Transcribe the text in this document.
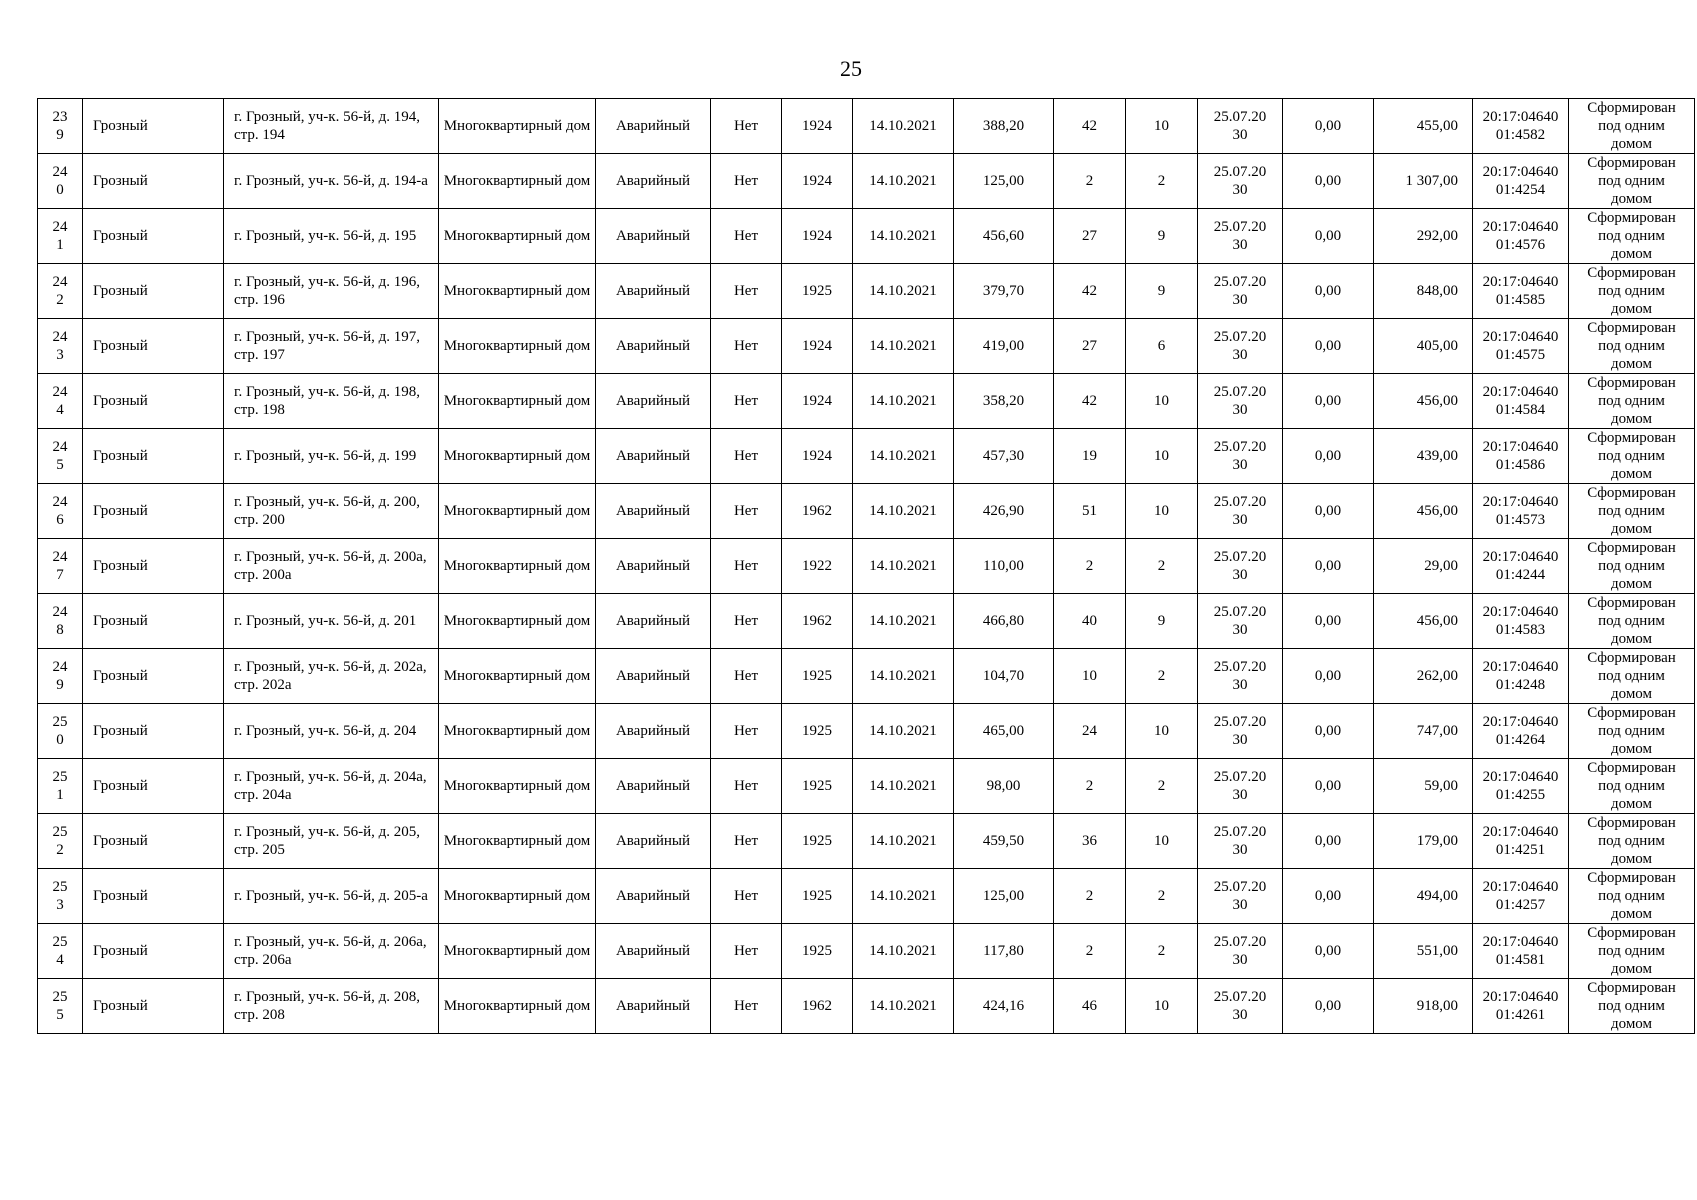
25
239	Грозный	г. Грозный, уч-к. 56-й, д. 194, стр. 194	Многоквартирный дом	Аварийный	Нет	1924	14.10.2021	388,20	42	10	25.07.2030	0,00	455,00	20:17:0464001:4582	Сформирован под одним домом
240	Грозный	г. Грозный, уч-к. 56-й, д. 194-а	Многоквартирный дом	Аварийный	Нет	1924	14.10.2021	125,00	2	2	25.07.2030	0,00	1 307,00	20:17:0464001:4254	Сформирован под одним домом
241	Грозный	г. Грозный, уч-к. 56-й, д. 195	Многоквартирный дом	Аварийный	Нет	1924	14.10.2021	456,60	27	9	25.07.2030	0,00	292,00	20:17:0464001:4576	Сформирован под одним домом
242	Грозный	г. Грозный, уч-к. 56-й, д. 196, стр. 196	Многоквартирный дом	Аварийный	Нет	1925	14.10.2021	379,70	42	9	25.07.2030	0,00	848,00	20:17:0464001:4585	Сформирован под одним домом
243	Грозный	г. Грозный, уч-к. 56-й, д. 197, стр. 197	Многоквартирный дом	Аварийный	Нет	1924	14.10.2021	419,00	27	6	25.07.2030	0,00	405,00	20:17:0464001:4575	Сформирован под одним домом
244	Грозный	г. Грозный, уч-к. 56-й, д. 198, стр. 198	Многоквартирный дом	Аварийный	Нет	1924	14.10.2021	358,20	42	10	25.07.2030	0,00	456,00	20:17:0464001:4584	Сформирован под одним домом
245	Грозный	г. Грозный, уч-к. 56-й, д. 199	Многоквартирный дом	Аварийный	Нет	1924	14.10.2021	457,30	19	10	25.07.2030	0,00	439,00	20:17:0464001:4586	Сформирован под одним домом
246	Грозный	г. Грозный, уч-к. 56-й, д. 200, стр. 200	Многоквартирный дом	Аварийный	Нет	1962	14.10.2021	426,90	51	10	25.07.2030	0,00	456,00	20:17:0464001:4573	Сформирован под одним домом
247	Грозный	г. Грозный, уч-к. 56-й, д. 200а, стр. 200а	Многоквартирный дом	Аварийный	Нет	1922	14.10.2021	110,00	2	2	25.07.2030	0,00	29,00	20:17:0464001:4244	Сформирован под одним домом
248	Грозный	г. Грозный, уч-к. 56-й, д. 201	Многоквартирный дом	Аварийный	Нет	1962	14.10.2021	466,80	40	9	25.07.2030	0,00	456,00	20:17:0464001:4583	Сформирован под одним домом
249	Грозный	г. Грозный, уч-к. 56-й, д. 202а, стр. 202а	Многоквартирный дом	Аварийный	Нет	1925	14.10.2021	104,70	10	2	25.07.2030	0,00	262,00	20:17:0464001:4248	Сформирован под одним домом
250	Грозный	г. Грозный, уч-к. 56-й, д. 204	Многоквартирный дом	Аварийный	Нет	1925	14.10.2021	465,00	24	10	25.07.2030	0,00	747,00	20:17:0464001:4264	Сформирован под одним домом
251	Грозный	г. Грозный, уч-к. 56-й, д. 204а, стр. 204а	Многоквартирный дом	Аварийный	Нет	1925	14.10.2021	98,00	2	2	25.07.2030	0,00	59,00	20:17:0464001:4255	Сформирован под одним домом
252	Грозный	г. Грозный, уч-к. 56-й, д. 205, стр. 205	Многоквартирный дом	Аварийный	Нет	1925	14.10.2021	459,50	36	10	25.07.2030	0,00	179,00	20:17:0464001:4251	Сформирован под одним домом
253	Грозный	г. Грозный, уч-к. 56-й, д. 205-а	Многоквартирный дом	Аварийный	Нет	1925	14.10.2021	125,00	2	2	25.07.2030	0,00	494,00	20:17:0464001:4257	Сформирован под одним домом
254	Грозный	г. Грозный, уч-к. 56-й, д. 206а, стр. 206а	Многоквартирный дом	Аварийный	Нет	1925	14.10.2021	117,80	2	2	25.07.2030	0,00	551,00	20:17:0464001:4581	Сформирован под одним домом
255	Грозный	г. Грозный, уч-к. 56-й, д. 208, стр. 208	Многоквартирный дом	Аварийный	Нет	1962	14.10.2021	424,16	46	10	25.07.2030	0,00	918,00	20:17:0464001:4261	Сформирован под одним домом
